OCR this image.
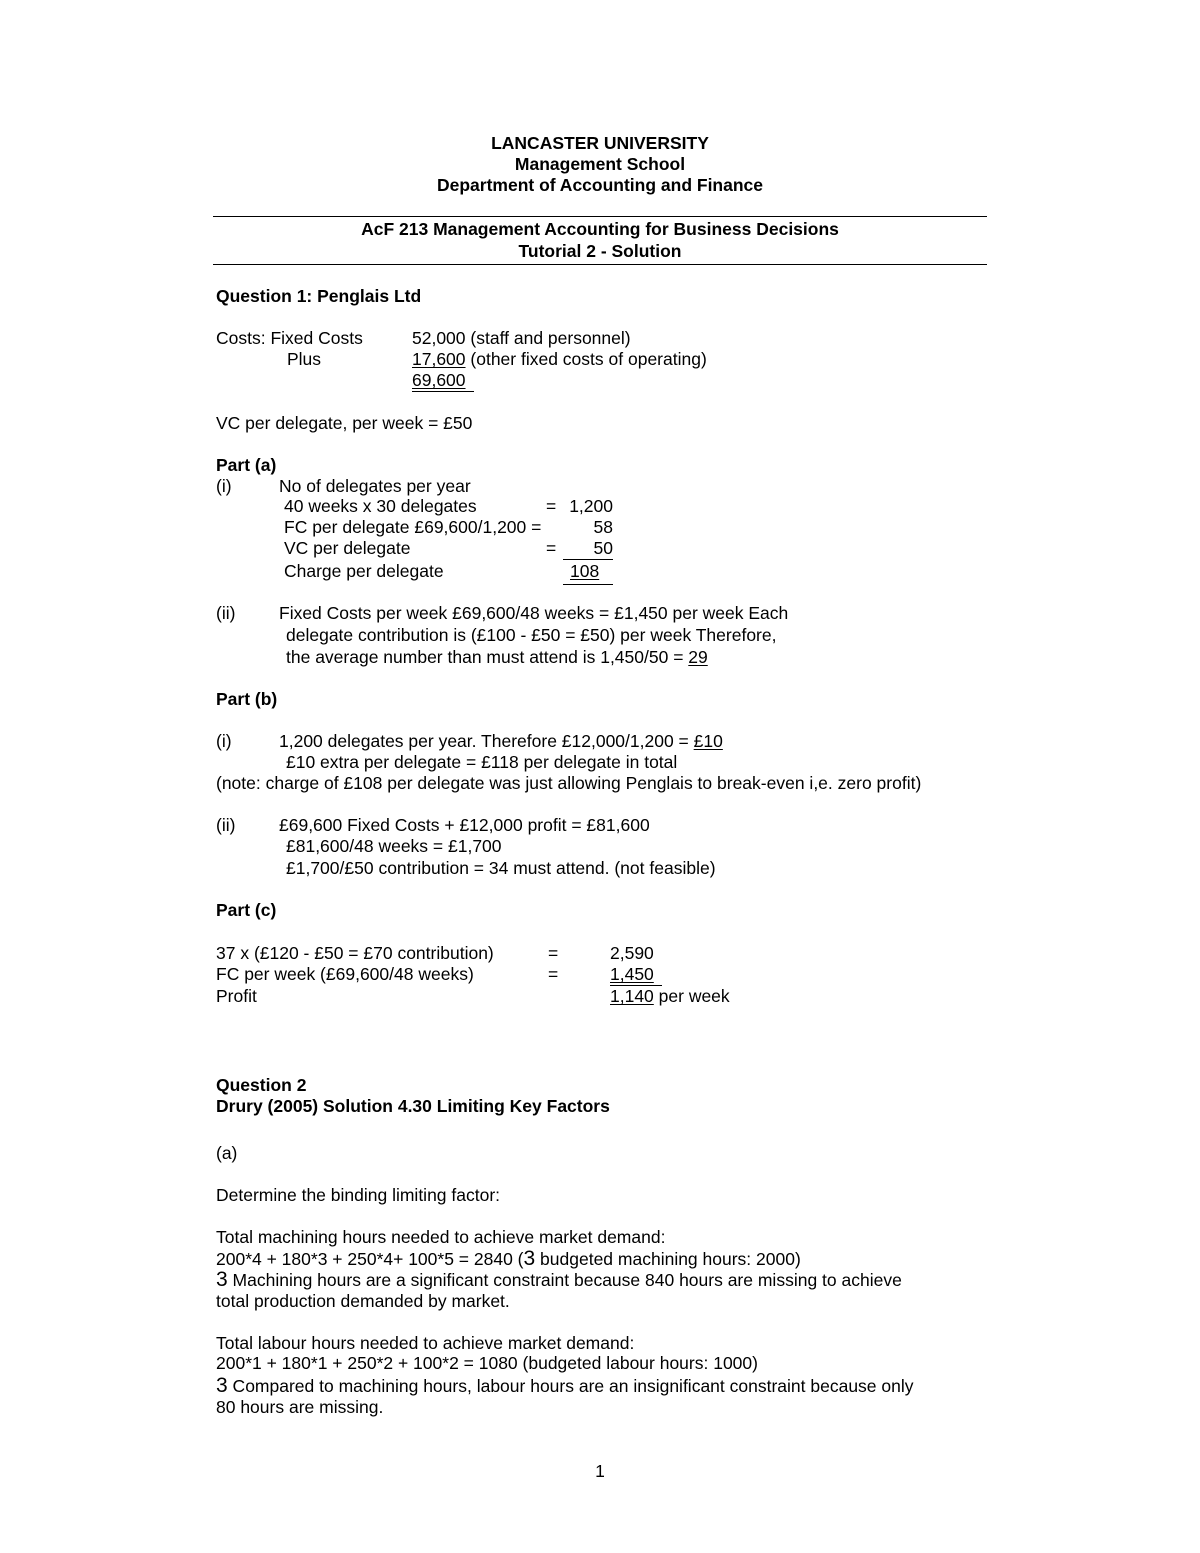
LANCASTER UNIVERSITY
Management School
Department of Accounting and Finance
AcF 213 Management Accounting for Business Decisions
Tutorial 2 - Solution
Question 1: Penglais Ltd
Costs: Fixed Costs	52,000 (staff and personnel)
Plus	17,600 (other fixed costs of operating)
69,600
VC per delegate, per week = £50
Part (a)
(i)	No of delegates per year
40 weeks x 30 delegates	= 1,200
FC per delegate £69,600/1,200 =	58
VC per delegate	=	50
Charge per delegate	108
(ii) Fixed Costs per week £69,600/48 weeks = £1,450 per week Each
delegate contribution is (£100 - £50 = £50) per week Therefore,
the average number than must attend is 1,450/50 = 29
Part (b)
(i)	1,200 delegates per year. Therefore £12,000/1,200 = £10
£10 extra per delegate = £118 per delegate in total
(note: charge of £108 per delegate was just allowing Penglais to break-even i,e. zero profit)
(ii) £69,600 Fixed Costs + £12,000 profit = £81,600
£81,600/48 weeks = £1,700
£1,700/£50 contribution = 34 must attend. (not feasible)
Part (c)
37 x (£120 - £50 = £70 contribution)	=	2,590
FC per week (£69,600/48 weeks)	=	1,450
Profit	1,140 per week
Question 2
Drury (2005) Solution 4.30 Limiting Key Factors
(a)
Determine the binding limiting factor:
Total machining hours needed to achieve market demand:
200*4 + 180*3 + 250*4+ 100*5 = 2840 (3 budgeted machining hours: 2000)
3 Machining hours are a significant constraint because 840 hours are missing to achieve
total production demanded by market.
Total labour hours needed to achieve market demand:
200*1 + 180*1 + 250*2 + 100*2 = 1080 (budgeted labour hours: 1000)
3 Compared to machining hours, labour hours are an insignificant constraint because only
80 hours are missing.
1
